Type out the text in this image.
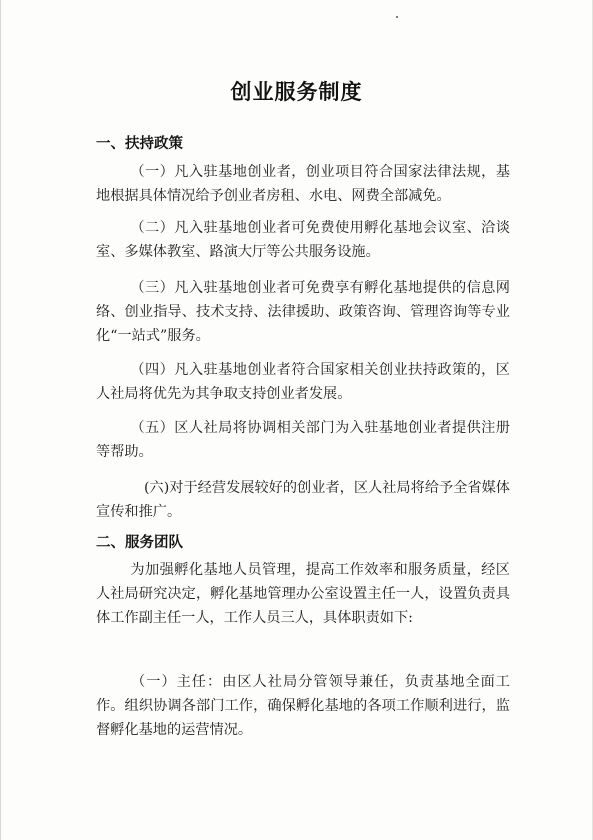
创业服务制度
一、扶持政策
（一）凡入驻基地创业者，创业项目符合国家法律法规，基地根据具体情况给予创业者房租、水电、网费全部减免。
（二）凡入驻基地创业者可免费使用孵化基地会议室、洽谈室、多媒体教室、路演大厅等公共服务设施。
（三）凡入驻基地创业者可免费享有孵化基地提供的信息网络、创业指导、技术支持、法律援助、政策咨询、管理咨询等专业化“一站式”服务。
（四）凡入驻基地创业者符合国家相关创业扶持政策的，区人社局将优先为其争取支持创业者发展。
（五）区人社局将协调相关部门为入驻基地创业者提供注册等帮助。
(六)对于经营发展较好的创业者，区人社局将给予全省媒体宣传和推广。
二、服务团队
为加强孵化基地人员管理，提高工作效率和服务质量，经区人社局研究决定，孵化基地管理办公室设置主任一人，设置负责具体工作副主任一人，工作人员三人，具体职责如下:
（一）主任：由区人社局分管领导兼任，负责基地全面工作。组织协调各部门工作，确保孵化基地的各项工作顺利进行，监督孵化基地的运营情况。
